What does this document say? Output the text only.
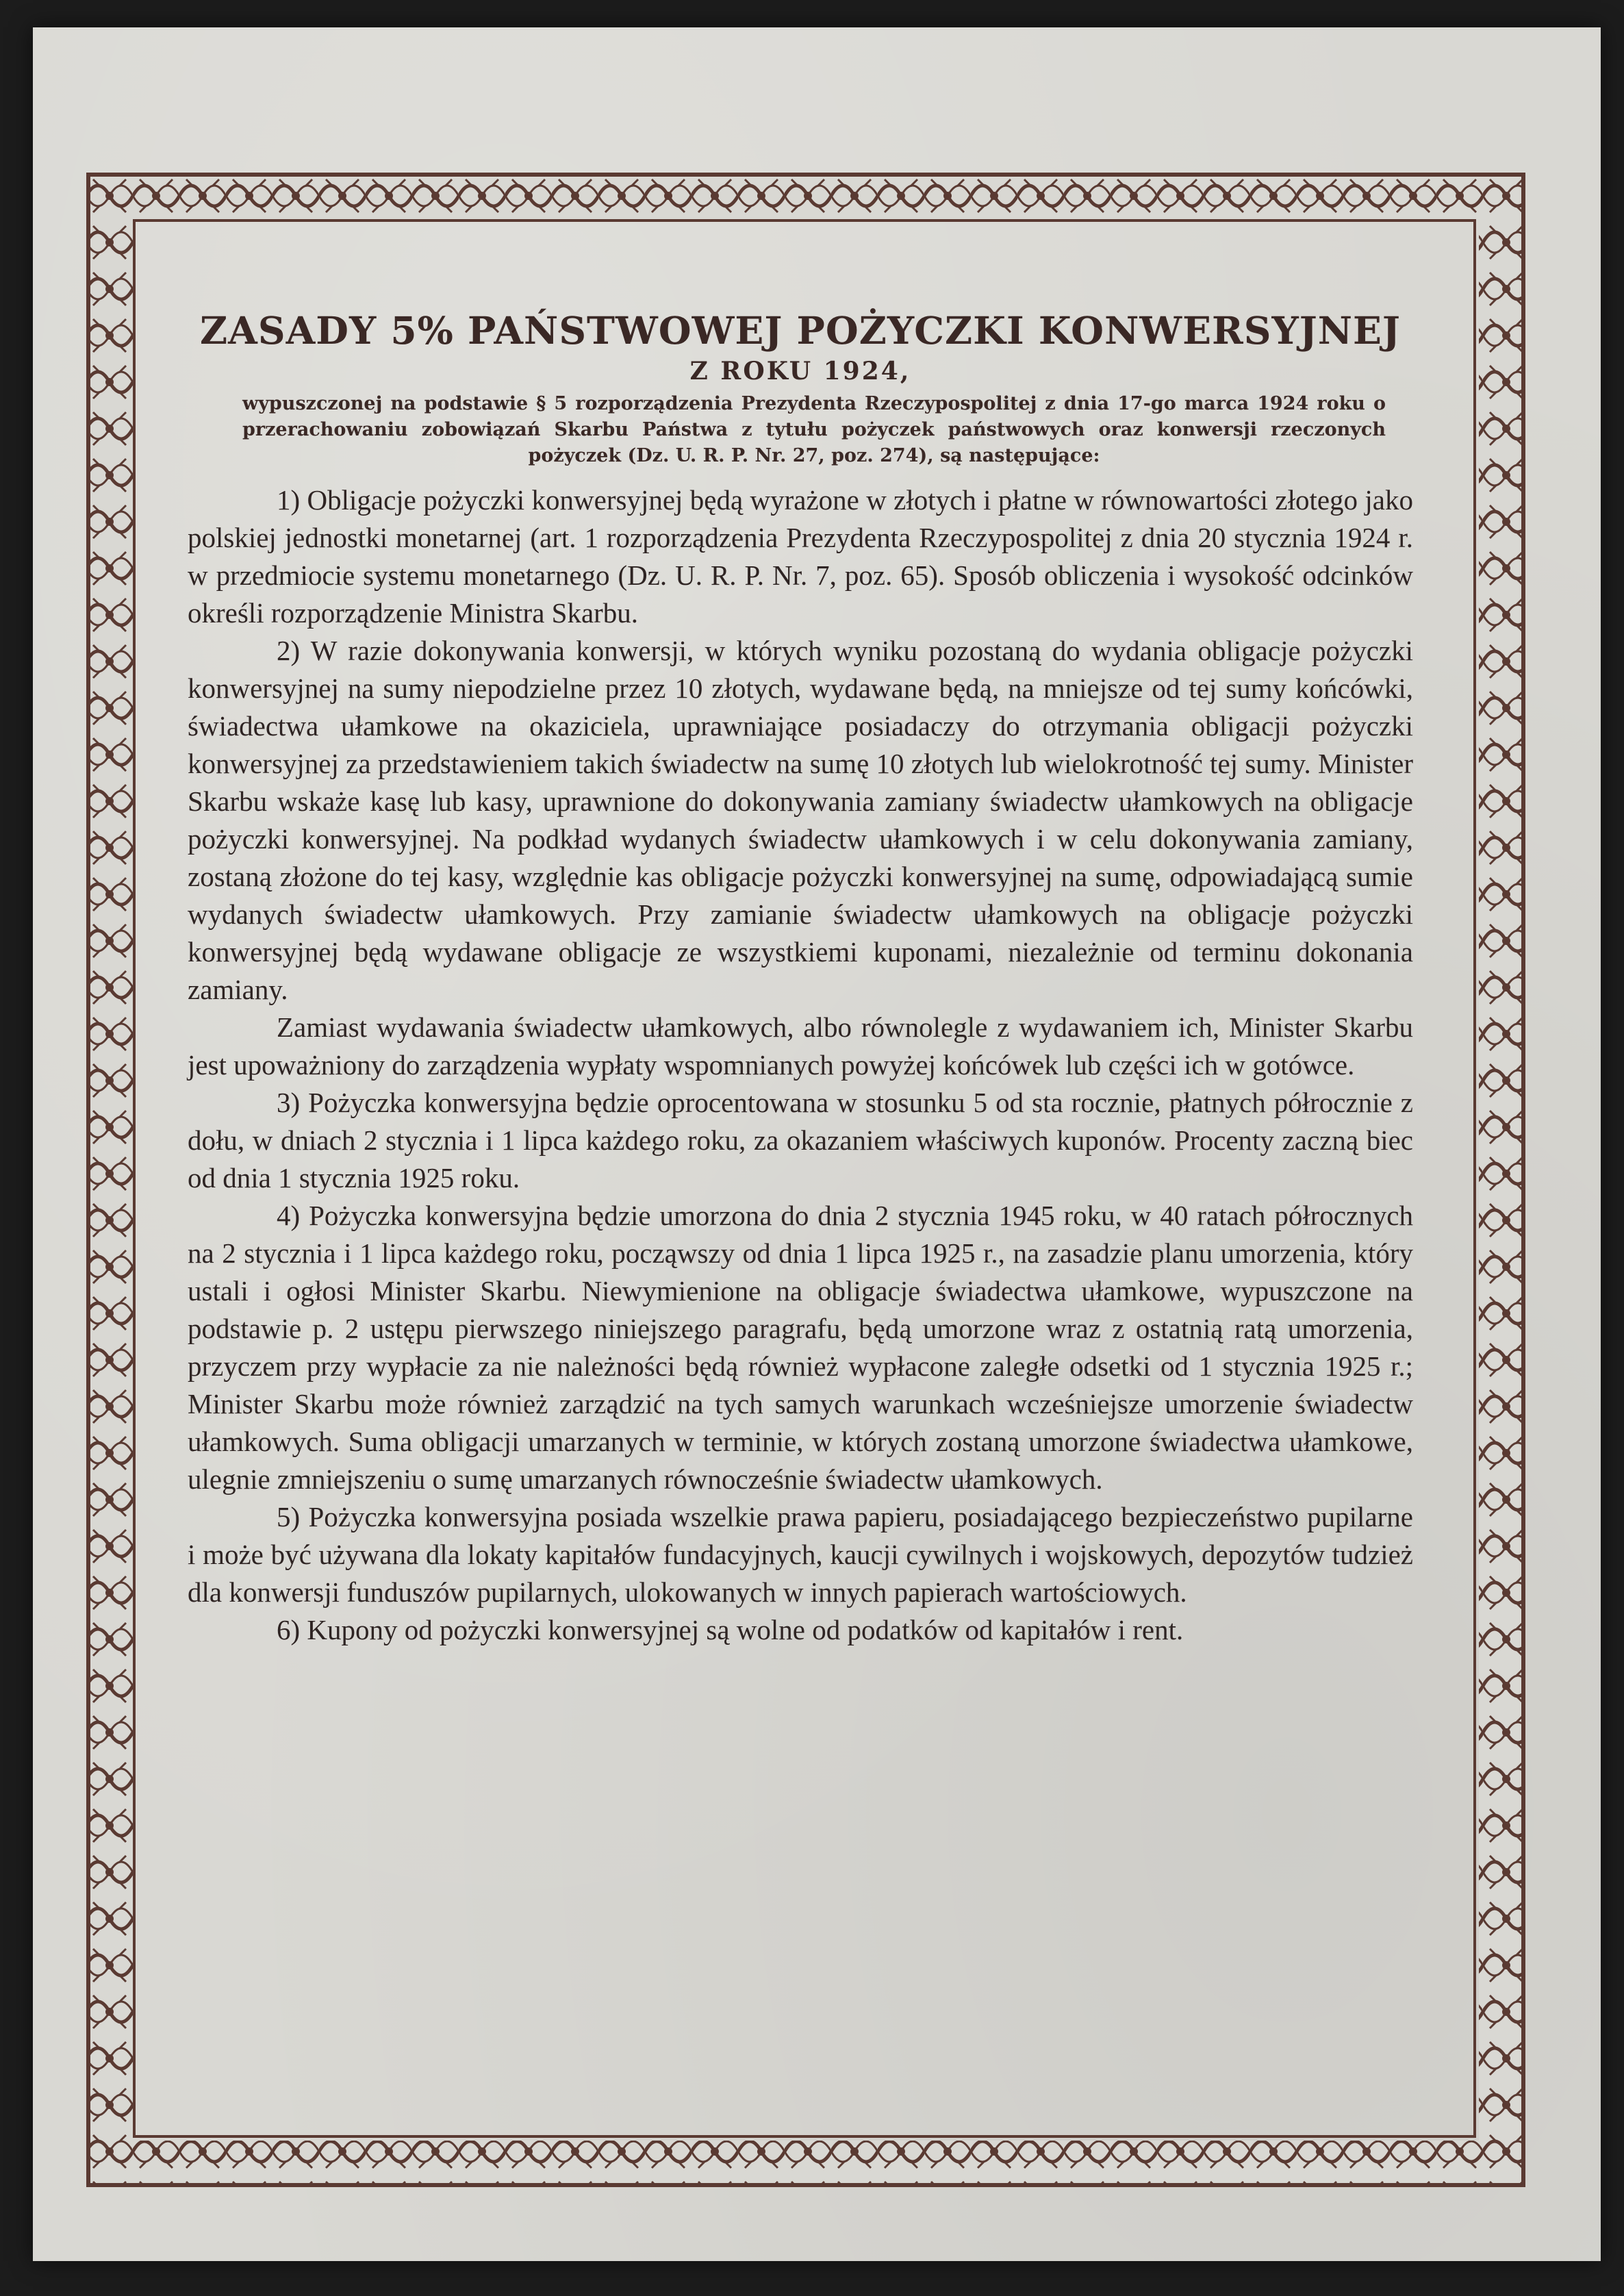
ZASADY 5% PAŃSTWOWEJ POŻYCZKI KONWERSYJNEJ
Z ROKU 1924,

wypuszczonej na podstawie § 5 rozporządzenia Prezydenta Rzeczypospolitej z dnia 17-go marca 1924 roku o przerachowaniu zobowiązań Skarbu Państwa z tytułu pożyczek państwowych oraz konwersji rzeczonych pożyczek (Dz. U. R. P. Nr. 27, poz. 274), są następujące:

1) Obligacje pożyczki konwersyjnej będą wyrażone w złotych i płatne w równowartości złotego jako polskiej jednostki monetarnej (art. 1 rozporządzenia Prezydenta Rzeczypospolitej z dnia 20 stycznia 1924 r. w przedmiocie systemu monetarnego (Dz. U. R. P. Nr. 7, poz. 65). Sposób obliczenia i wysokość odcinków określi rozporządzenie Ministra Skarbu.

2) W razie dokonywania konwersji, w których wyniku pozostaną do wydania obligacje pożyczki konwersyjnej na sumy niepodzielne przez 10 złotych, wydawane będą, na mniejsze od tej sumy końcówki, świadectwa ułamkowe na okaziciela, uprawniające posiadaczy do otrzymania obligacji pożyczki konwersyjnej za przedstawieniem takich świadectw na sumę 10 złotych lub wielokrotność tej sumy. Minister Skarbu wskaże kasę lub kasy, uprawnione do dokonywania zamiany świadectw ułamkowych na obligacje pożyczki konwersyjnej. Na podkład wydanych świadectw ułamkowych i w celu dokonywania zamiany, zostaną złożone do tej kasy, względnie kas obligacje pożyczki konwersyjnej na sumę, odpowiadającą sumie wydanych świadectw ułamkowych. Przy zamianie świadectw ułamkowych na obligacje pożyczki konwersyjnej będą wydawane obligacje ze wszystkiemi kuponami, niezależnie od terminu dokonania zamiany.

Zamiast wydawania świadectw ułamkowych, albo równolegle z wydawaniem ich, Minister Skarbu jest upoważniony do zarządzenia wypłaty wspomnianych powyżej końcówek lub części ich w gotówce.

3) Pożyczka konwersyjna będzie oprocentowana w stosunku 5 od sta rocznie, płatnych półrocznie z dołu, w dniach 2 stycznia i 1 lipca każdego roku, za okazaniem właściwych kuponów. Procenty zaczną biec od dnia 1 stycznia 1925 roku.

4) Pożyczka konwersyjna będzie umorzona do dnia 2 stycznia 1945 roku, w 40 ratach półrocznych na 2 stycznia i 1 lipca każdego roku, począwszy od dnia 1 lipca 1925 r., na zasadzie planu umorzenia, który ustali i ogłosi Minister Skarbu. Niewymienione na obligacje świadectwa ułamkowe, wypuszczone na podstawie p. 2 ustępu pierwszego niniejszego paragrafu, będą umorzone wraz z ostatnią ratą umorzenia, przyczem przy wypłacie za nie należności będą również wypłacone zaległe odsetki od 1 stycznia 1925 r.; Minister Skarbu może również zarządzić na tych samych warunkach wcześniejsze umorzenie świadectw ułamkowych. Suma obligacji umarzanych w terminie, w których zostaną umorzone świadectwa ułamkowe, ulegnie zmniejszeniu o sumę umarzanych równocześnie świadectw ułamkowych.

5) Pożyczka konwersyjna posiada wszelkie prawa papieru, posiadającego bezpieczeństwo pupilarne i może być używana dla lokaty kapitałów fundacyjnych, kaucji cywilnych i wojskowych, depozytów tudzież dla konwersji funduszów pupilarnych, ulokowanych w innych papierach wartościowych.

6) Kupony od pożyczki konwersyjnej są wolne od podatków od kapitałów i rent.
